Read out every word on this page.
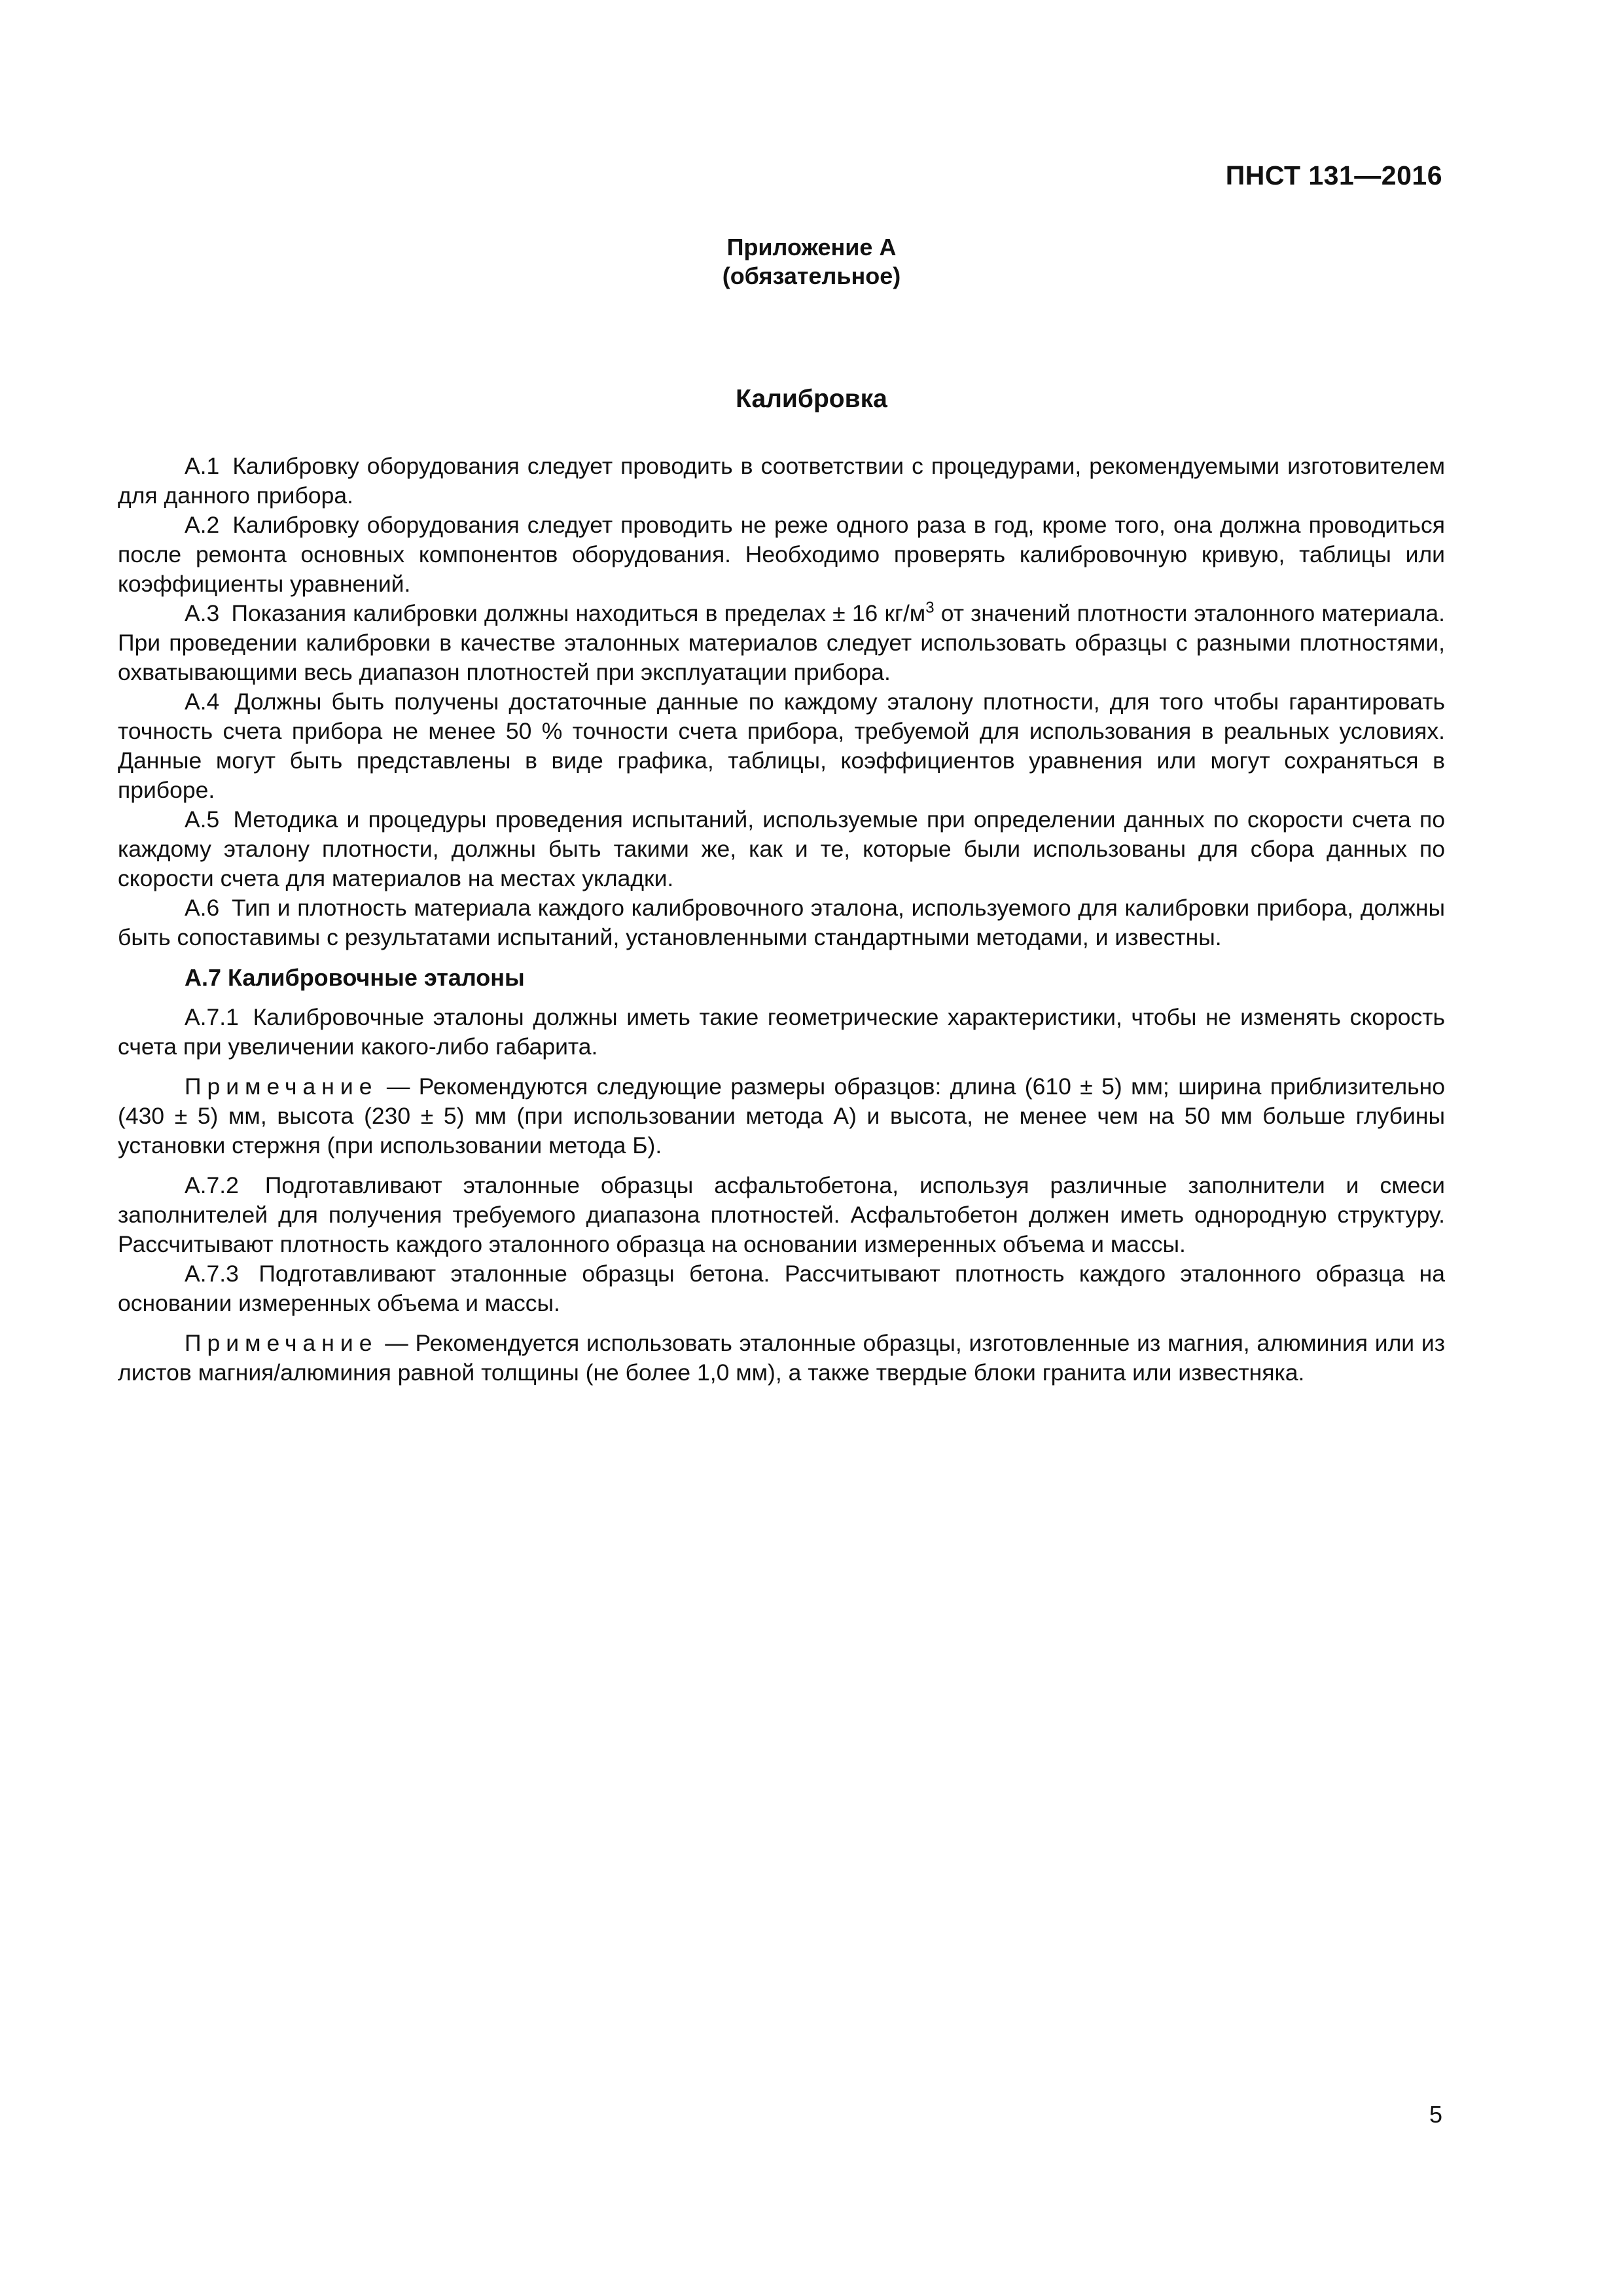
ПНСТ 131—2016
Приложение А
(обязательное)
Калибровка

А.1 Калибровку оборудования следует проводить в соответствии с процедурами, рекомендуемыми изготовителем для данного прибора.

А.2 Калибровку оборудования следует проводить не реже одного раза в год, кроме того, она должна проводиться после ремонта основных компонентов оборудования. Необходимо проверять калибровочную кривую, таблицы или коэффициенты уравнений.

А.3 Показания калибровки должны находиться в пределах ± 16 $кг/м^3$ от значений плотности эталонного материала. При проведении калибровки в качестве эталонных материалов следует использовать образцы с разными плотностями, охватывающими весь диапазон плотностей при эксплуатации прибора.

А.4 Должны быть получены достаточные данные по каждому эталону плотности, для того чтобы гарантировать точность счета прибора не менее 50 % точности счета прибора, требуемой для использования в реальных условиях. Данные могут быть представлены в виде графика, таблицы, коэффициентов уравнения или могут сохраняться в приборе.

А.5 Методика и процедуры проведения испытаний, используемые при определении данных по скорости счета по каждому эталону плотности, должны быть такими же, как и те, которые были использованы для сбора данных по скорости счета для материалов на местах укладки.

А.6 Тип и плотность материала каждого калибровочного эталона, используемого для калибровки прибора, должны быть сопоставимы с результатами испытаний, установленными стандартными методами, и известны.

А.7 Калибровочные эталоны

А.7.1 Калибровочные эталоны должны иметь такие геометрические характеристики, чтобы не изменять скорость счета при увеличении какого-либо габарита.

Примечание — Рекомендуются следующие размеры образцов: длина (610 ± 5) мм; ширина приблизительно (430 ± 5) мм, высота (230 ± 5) мм (при использовании метода А) и высота, не менее чем на 50 мм больше глубины установки стержня (при использовании метода Б).

А.7.2 Подготавливают эталонные образцы асфальтобетона, используя различные заполнители и смеси заполнителей для получения требуемого диапазона плотностей. Асфальтобетон должен иметь однородную структуру. Рассчитывают плотность каждого эталонного образца на основании измеренных объема и массы.

А.7.3 Подготавливают эталонные образцы бетона. Рассчитывают плотность каждого эталонного образца на основании измеренных объема и массы.

Примечание — Рекомендуется использовать эталонные образцы, изготовленные из магния, алюминия или из листов магния/алюминия равной толщины (не более 1,0 мм), а также твердые блоки гранита или известняка.

5
